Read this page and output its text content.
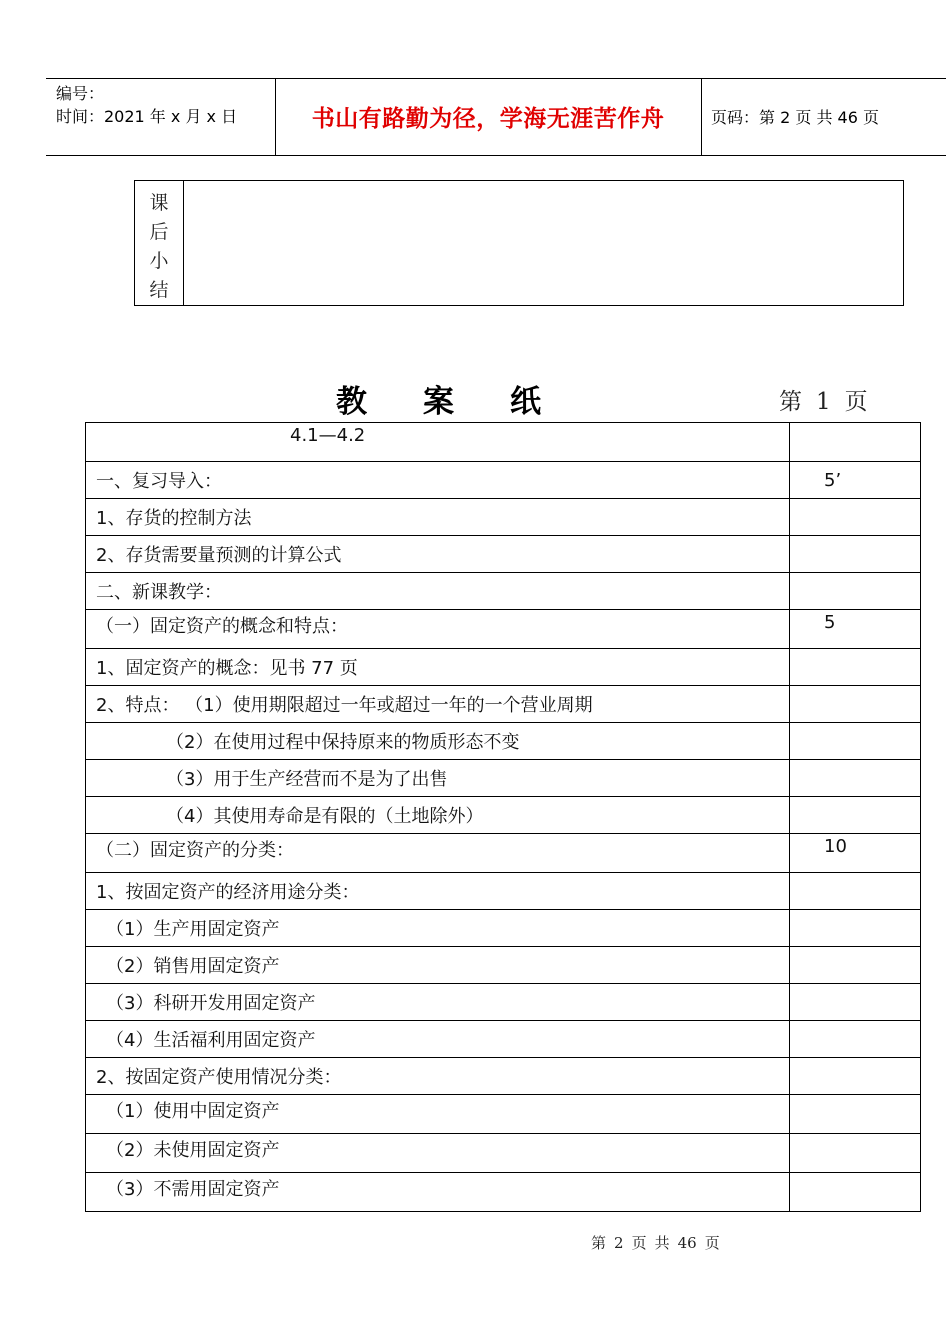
编号：
时间：2021 年 x 月 x 日	书山有路勤为径，学海无涯苦作舟	页码：第 2 页 共 46 页
课
后
小
结
教 案 纸	第 1 页
4.1—4.2	
一、复习导入：	5’
1、存货的控制方法	
2、存货需要量预测的计算公式	
二、新课教学：	
（一）固定资产的概念和特点：	5
1、固定资产的概念：见书 77 页	
2、特点： （1）使用期限超过一年或超过一年的一个营业周期	
（2）在使用过程中保持原来的物质形态不变	
（3）用于生产经营而不是为了出售	
（4）其使用寿命是有限的（土地除外）	
（二）固定资产的分类：	10
1、按固定资产的经济用途分类：	
（1）生产用固定资产	
（2）销售用固定资产	
（3）科研开发用固定资产	
（4）生活福利用固定资产	
2、按固定资产使用情况分类：	
（1）使用中固定资产	
（2）未使用固定资产	
（3）不需用固定资产	
第 2 页 共 46 页
